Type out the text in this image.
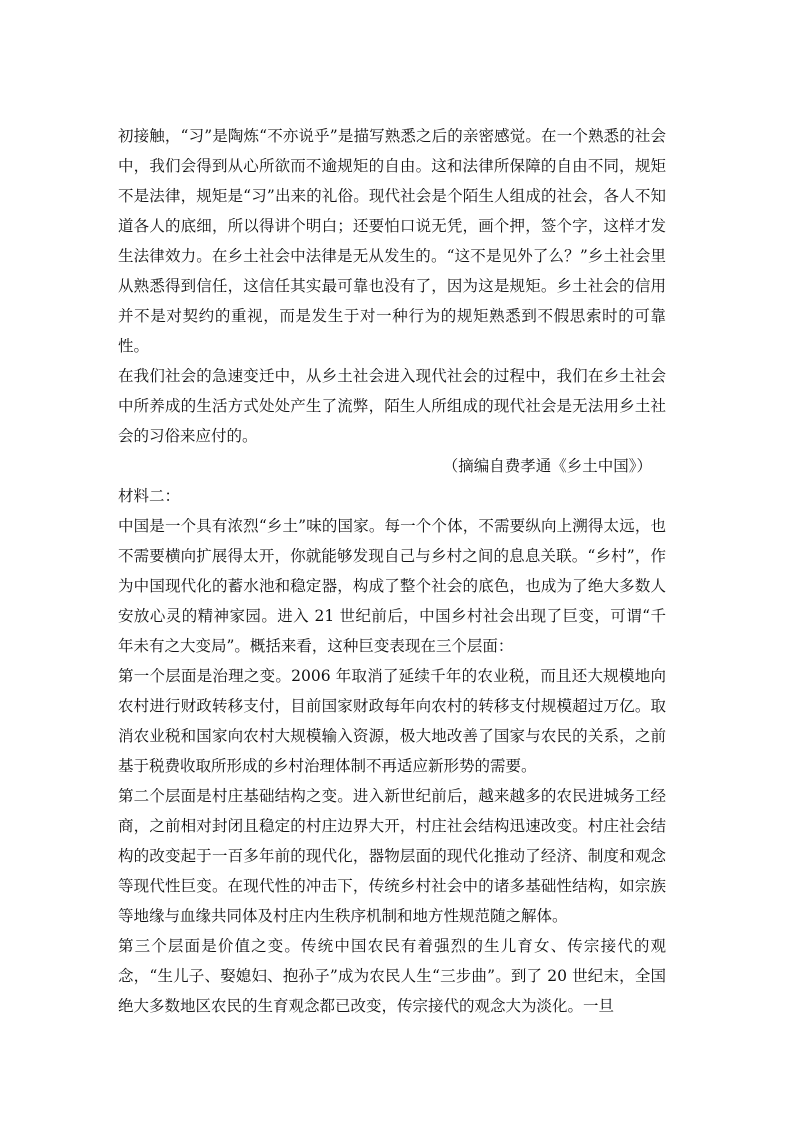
初接触，“习”是陶炼“不亦说乎”是描写熟悉之后的亲密感觉。在一个熟悉的社会中，我们会得到从心所欲而不逾规矩的自由。这和法律所保障的自由不同，规矩不是法律，规矩是“习”出来的礼俗。现代社会是个陌生人组成的社会，各人不知道各人的底细，所以得讲个明白；还要怕口说无凭，画个押，签个字，这样才发生法律效力。在乡土社会中法律是无从发生的。“这不是见外了么？”乡土社会里从熟悉得到信任，这信任其实最可靠也没有了，因为这是规矩。乡土社会的信用并不是对契约的重视，而是发生于对一种行为的规矩熟悉到不假思索时的可靠性。

在我们社会的急速变迁中，从乡土社会进入现代社会的过程中，我们在乡土社会中所养成的生活方式处处产生了流弊，陌生人所组成的现代社会是无法用乡土社会的习俗来应付的。

（摘编自费孝通《乡土中国》）

材料二：

中国是一个具有浓烈“乡土”味的国家。每一个个体，不需要纵向上溯得太远，也不需要横向扩展得太开，你就能够发现自己与乡村之间的息息关联。“乡村”，作为中国现代化的蓄水池和稳定器，构成了整个社会的底色，也成为了绝大多数人安放心灵的精神家园。进入 21 世纪前后，中国乡村社会出现了巨变，可谓“千年未有之大变局”。概括来看，这种巨变表现在三个层面：

第一个层面是治理之变。2006 年取消了延续千年的农业税，而且还大规模地向农村进行财政转移支付，目前国家财政每年向农村的转移支付规模超过万亿。取消农业税和国家向农村大规模输入资源，极大地改善了国家与农民的关系，之前基于税费收取所形成的乡村治理体制不再适应新形势的需要。

第二个层面是村庄基础结构之变。进入新世纪前后，越来越多的农民进城务工经商，之前相对封闭且稳定的村庄边界大开，村庄社会结构迅速改变。村庄社会结构的改变起于一百多年前的现代化，器物层面的现代化推动了经济、制度和观念等现代性巨变。在现代性的冲击下，传统乡村社会中的诸多基础性结构，如宗族等地缘与血缘共同体及村庄内生秩序机制和地方性规范随之解体。

第三个层面是价值之变。传统中国农民有着强烈的生儿育女、传宗接代的观念，“生儿子、娶媳妇、抱孙子”成为农民人生“三步曲”。到了 20 世纪末，全国绝大多数地区农民的生育观念都已改变，传宗接代的观念大为淡化。一旦
